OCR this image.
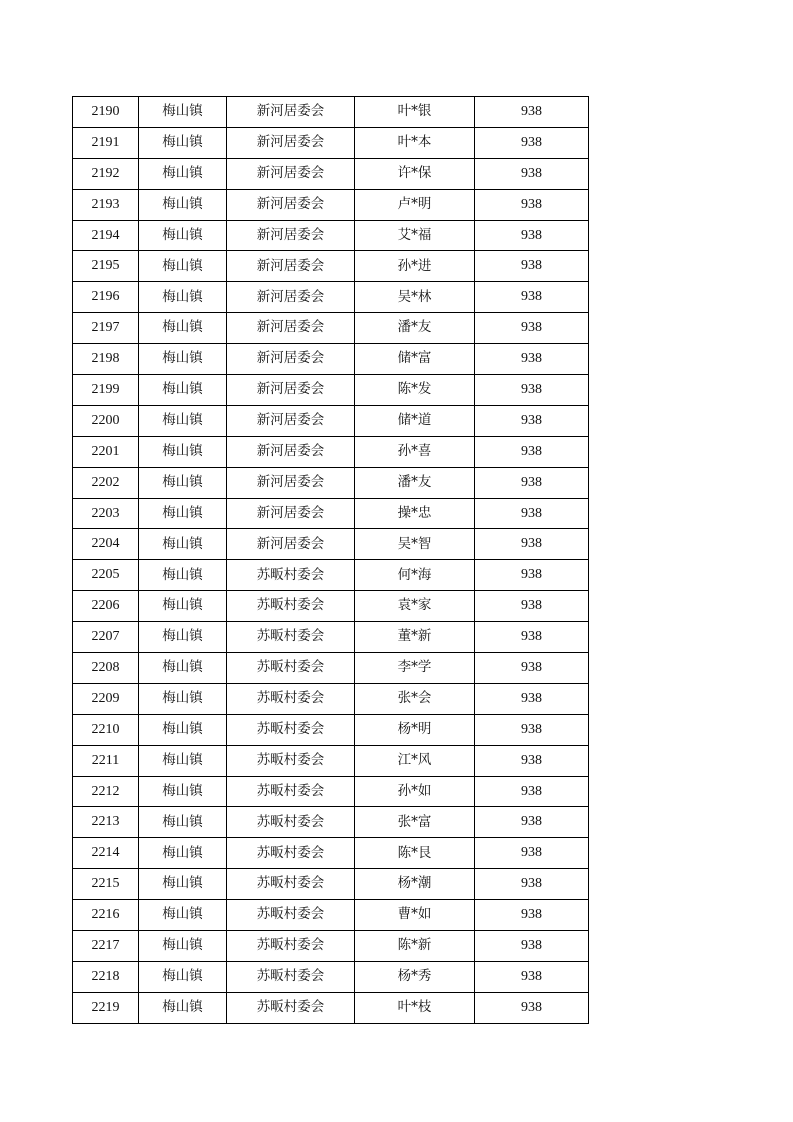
2190	梅山镇	新河居委会	叶*银	938
2191	梅山镇	新河居委会	叶*本	938
2192	梅山镇	新河居委会	许*保	938
2193	梅山镇	新河居委会	卢*明	938
2194	梅山镇	新河居委会	艾*福	938
2195	梅山镇	新河居委会	孙*进	938
2196	梅山镇	新河居委会	吴*林	938
2197	梅山镇	新河居委会	潘*友	938
2198	梅山镇	新河居委会	储*富	938
2199	梅山镇	新河居委会	陈*发	938
2200	梅山镇	新河居委会	储*道	938
2201	梅山镇	新河居委会	孙*喜	938
2202	梅山镇	新河居委会	潘*友	938
2203	梅山镇	新河居委会	操*忠	938
2204	梅山镇	新河居委会	吴*智	938
2205	梅山镇	苏畈村委会	何*海	938
2206	梅山镇	苏畈村委会	袁*家	938
2207	梅山镇	苏畈村委会	董*新	938
2208	梅山镇	苏畈村委会	李*学	938
2209	梅山镇	苏畈村委会	张*会	938
2210	梅山镇	苏畈村委会	杨*明	938
2211	梅山镇	苏畈村委会	江*风	938
2212	梅山镇	苏畈村委会	孙*如	938
2213	梅山镇	苏畈村委会	张*富	938
2214	梅山镇	苏畈村委会	陈*艮	938
2215	梅山镇	苏畈村委会	杨*潮	938
2216	梅山镇	苏畈村委会	曹*如	938
2217	梅山镇	苏畈村委会	陈*新	938
2218	梅山镇	苏畈村委会	杨*秀	938
2219	梅山镇	苏畈村委会	叶*枝	938
